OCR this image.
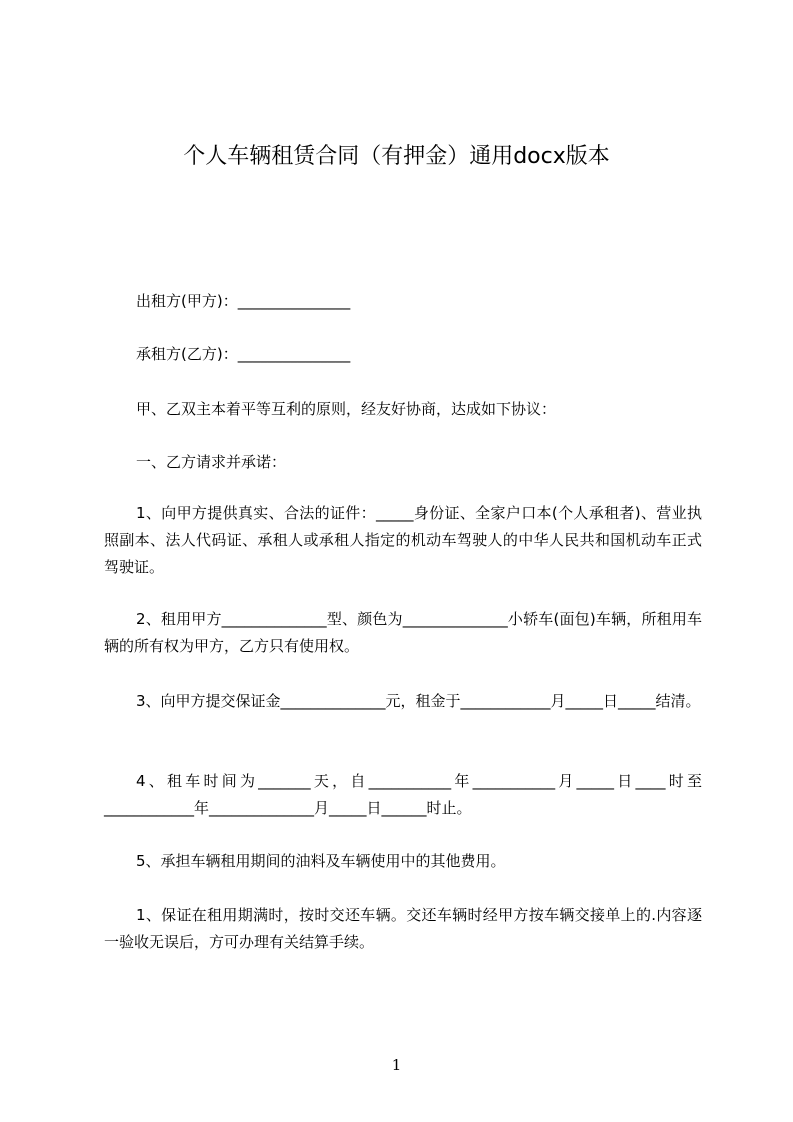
个人车辆租赁合同（有押金）通用docx版本
出租方(甲方)：_______________
承租方(乙方)：_______________
甲、乙双主本着平等互利的原则，经友好协商，达成如下协议：
一、乙方请求并承诺：
1、向甲方提供真实、合法的证件：_____身份证、全家户口本(个人承租者)、营业执照副本、法人代码证、承租人或承租人指定的机动车驾驶人的中华人民共和国机动车正式驾驶证。
2、租用甲方______________型、颜色为______________小轿车(面包)车辆，所租用车辆的所有权为甲方，乙方只有使用权。
3、向甲方提交保证金______________元，租金于____________月_____日_____结清。
4、租车时间为_______天，自___________年___________月_____日____时至____________年______________月_____日______时止。
5、承担车辆租用期间的油料及车辆使用中的其他费用。
1、保证在租用期满时，按时交还车辆。交还车辆时经甲方按车辆交接单上的.内容逐一验收无误后，方可办理有关结算手续。
1
